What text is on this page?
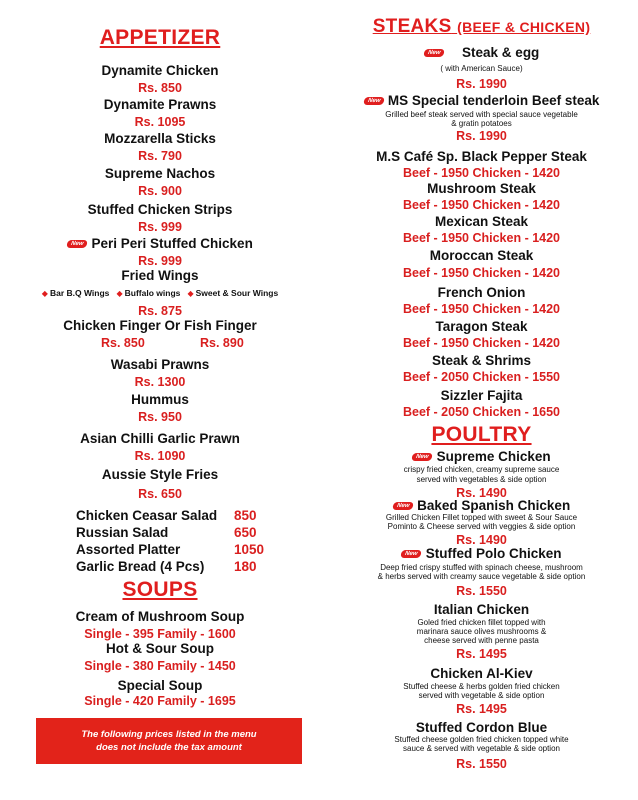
APPETIZER
Dynamite Chicken
Rs. 850
Dynamite Prawns
Rs. 1095
Mozzarella Sticks
Rs. 790
Supreme Nachos
Rs. 900
Stuffed Chicken Strips
Rs. 999
New Peri Peri Stuffed Chicken
Rs. 999
Fried Wings
◆ Bar B.Q Wings ◆ Buffalo wings ◆ Sweet & Sour Wings
Rs. 875
Chicken Finger Or Fish Finger
Rs. 850	Rs. 890
Wasabi Prawns
Rs. 1300
Hummus
Rs. 950
Asian Chilli Garlic Prawn
Rs. 1090
Aussie Style Fries
Rs. 650
Chicken Ceasar Salad 850
Russian Salad	650
Assorted Platter	1050
Garlic Bread (4 Pcs) 180
SOUPS
Cream of Mushroom Soup
Single - 395 Family - 1600
Hot & Sour Soup
Single - 380 Family - 1450
Special Soup
Single - 420 Family - 1695
The following prices listed in the menu
does not include the tax amount
STEAKS (BEEF & CHICKEN)
New Steak & egg
( with American Sauce)
Rs. 1990
New MS Special tenderloin Beef steak
Grilled beef steak served with special sauce vegetable
& gratin potatoes
Rs. 1990
M.S Café Sp. Black Pepper Steak
Beef - 1950 Chicken - 1420
Mushroom Steak
Beef - 1950 Chicken - 1420
Mexican Steak
Beef - 1950 Chicken - 1420
Moroccan Steak
Beef - 1950 Chicken - 1420
French Onion
Beef - 1950 Chicken - 1420
Taragon Steak
Beef - 1950 Chicken - 1420
Steak & Shrims
Beef - 2050 Chicken - 1550
Sizzler Fajita
Beef - 2050 Chicken - 1650
POULTRY
New Supreme Chicken
crispy fried chicken, creamy supreme sauce
served with vegetables & side option
Rs. 1490
New Baked Spanish Chicken
Grilled Chicken Fillet topped with sweet & Sour Sauce
Pominto & Cheese served with veggies & side option
Rs. 1490
New Stuffed Polo Chicken
Deep fried crispy stuffed with spinach cheese, mushroom
& herbs served with creamy sauce vegetable & side option
Rs. 1550
Italian Chicken
Goled fried chicken fillet topped with
marinara sauce olives mushrooms &
cheese served with penne pasta
Rs. 1495
Chicken Al-Kiev
Stuffed cheese & herbs golden fried chicken
served with vegetable & side option
Rs. 1495
Stuffed Cordon Blue
Stuffed cheese golden fried chicken topped white
sauce & served with vegetable & side option
Rs. 1550
